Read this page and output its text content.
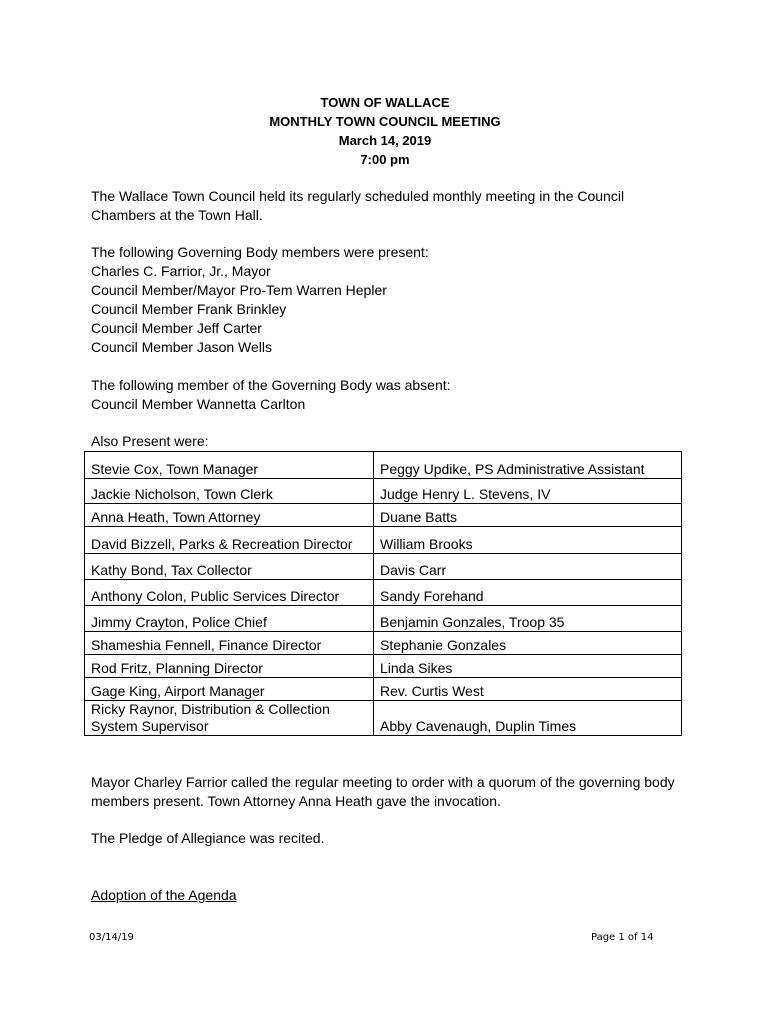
TOWN OF WALLACE
MONTHLY TOWN COUNCIL MEETING
March 14, 2019
7:00 pm
The Wallace Town Council held its regularly scheduled monthly meeting in the Council
Chambers at the Town Hall.
The following Governing Body members were present:
Charles C. Farrior, Jr., Mayor
Council Member/Mayor Pro-Tem Warren Hepler
Council Member Frank Brinkley
Council Member Jeff Carter
Council Member Jason Wells
The following member of the Governing Body was absent:
Council Member Wannetta Carlton
Also Present were:
Stevie Cox, Town Manager	Peggy Updike, PS Administrative Assistant
Jackie Nicholson, Town Clerk	Judge Henry L. Stevens, IV
Anna Heath, Town Attorney	Duane Batts
David Bizzell, Parks & Recreation Director	William Brooks
Kathy Bond, Tax Collector	Davis Carr
Anthony Colon, Public Services Director	Sandy Forehand
Jimmy Crayton, Police Chief	Benjamin Gonzales, Troop 35
Shameshia Fennell, Finance Director	Stephanie Gonzales
Rod Fritz, Planning Director	Linda Sikes
Gage King, Airport Manager	Rev. Curtis West

Ricky Raynor, Distribution & Collection
System Supervisor	Abby Cavenaugh, Duplin Times
Mayor Charley Farrior called the regular meeting to order with a quorum of the governing body
members present. Town Attorney Anna Heath gave the invocation.
The Pledge of Allegiance was recited.
Adoption of the Agenda
03/14/19	Page 1 of 14
